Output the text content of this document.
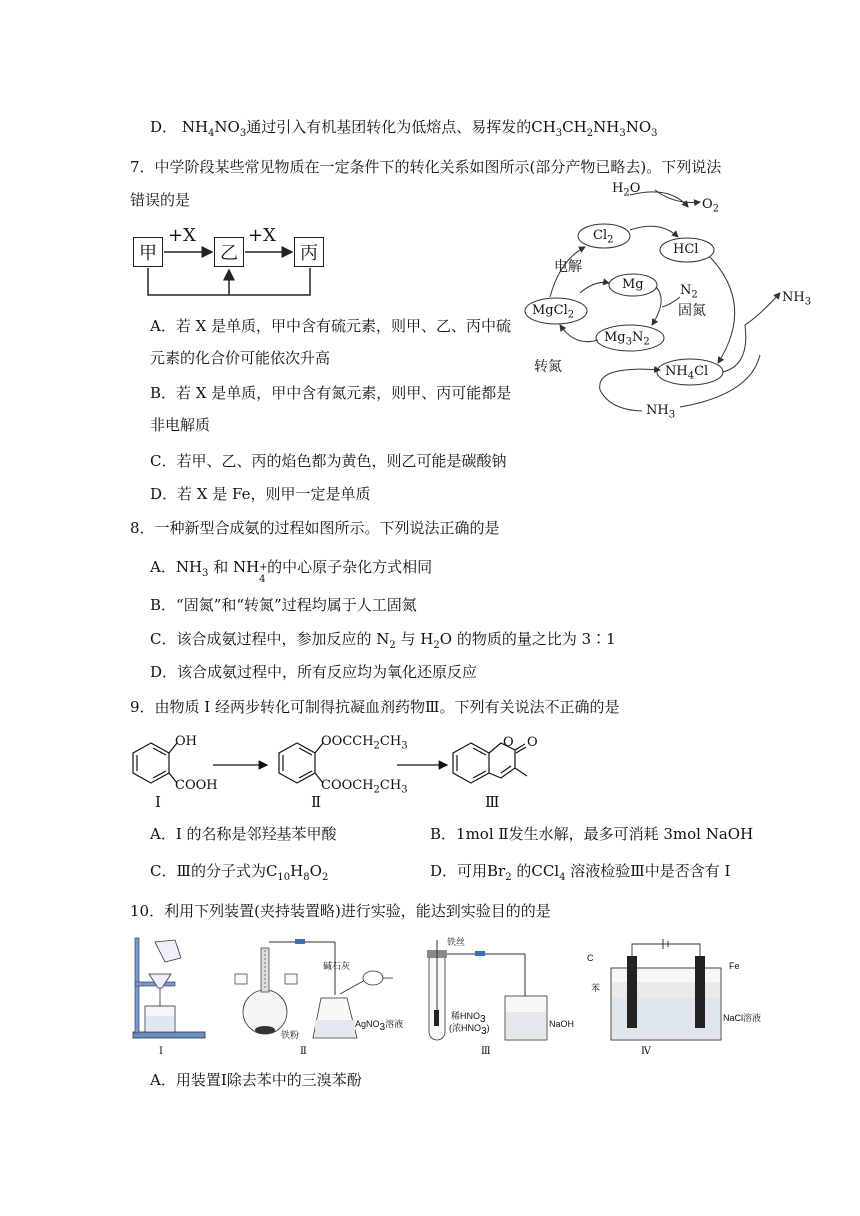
D． $NH_4NO_3$通过引入有机基团转化为低熔点、易挥发的$CH_3CH_2NH_3NO_3$
7．中学阶段某些常见物质在一定条件下的转化关系如图所示(部分产物已略去)。下列说法
错误的是
甲	乙	丙
+X	+X
A．若 X 是单质，甲中含有硫元素，则甲、乙、丙中硫
元素的化合价可能依次升高
B．若 X 是单质，甲中含有氮元素，则甲、丙可能都是
非电解质
C．若甲、乙、丙的焰色都为黄色，则乙可能是碳酸钠
D．若 X 是 Fe，则甲一定是单质
$H_2O$
$O_2$
$Cl_2$
HCl
电解
Mg	$N_2$
固氮
MgCl$_2$
$Mg_3N_2$
转氮	$NH_4Cl$
$NH_3$
$NH_3$
8．一种新型合成氨的过程如图所示。下列说法正确的是
A．$NH_3$ 和 NH +
4
的中心原子杂化方式相同
B．“固氮”和“转氮”过程均属于人工固氮
C．该合成氨过程中，参加反应的 $N_2$ 与 $H_2O$ 的物质的量之比为 3∶1
D．该合成氨过程中，所有反应均为氧化还原反应
9．由物质 I 经两步转化可制得抗凝血剂药物Ⅲ。下列有关说法不正确的是
OH
COOH
I
$OOCCH_2CH_3$
$COOCH_2CH_3$
Ⅱ
O O
Ⅲ
A．I 的名称是邻羟基苯甲酸	B．1mol Ⅱ发生水解，最多可消耗 3mol NaOH
C．Ⅲ的分子式为$C_{10}H_8O_2$	D．可用$Br_2$ 的CCl$_4$ 溶液检验Ⅲ中是否含有 I
10．利用下列装置(夹持装置略)进行实验，能达到实验目的的是
碱石灰
铁粉
AgNO$_3$溶液
铁丝
稀$HNO_3$
(浓$HNO_3$)	NaOH
C
Fe
苯
NaCl溶液
Ⅰ	Ⅱ	Ⅲ	Ⅳ
A．用装置Ⅰ除去苯中的三溴苯酚
